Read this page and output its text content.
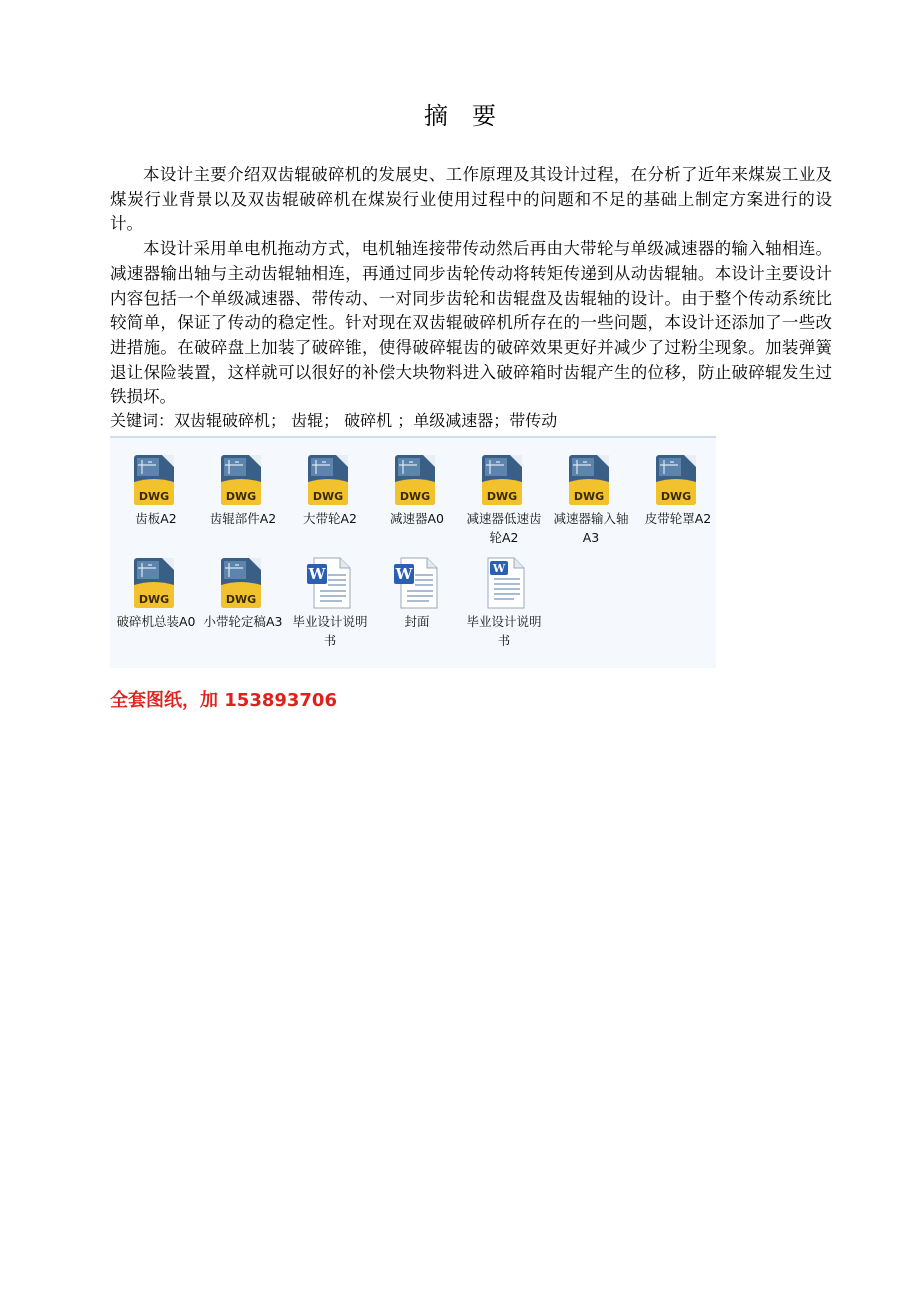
摘要

本设计主要介绍双齿辊破碎机的发展史、工作原理及其设计过程，在分析了近年来煤炭工业及煤炭行业背景以及双齿辊破碎机在煤炭行业使用过程中的问题和不足的基础上制定方案进行的设计。

本设计采用单电机拖动方式，电机轴连接带传动然后再由大带轮与单级减速器的输入轴相连。减速器输出轴与主动齿辊轴相连，再通过同步齿轮传动将转矩传递到从动齿辊轴。本设计主要设计内容包括一个单级减速器、带传动、一对同步齿轮和齿辊盘及齿辊轴的设计。由于整个传动系统比较简单，保证了传动的稳定性。针对现在双齿辊破碎机所存在的一些问题，本设计还添加了一些改进措施。在破碎盘上加装了破碎锥，使得破碎辊齿的破碎效果更好并减少了过粉尘现象。加装弹簧退让保险装置，这样就可以很好的补偿大块物料进入破碎箱时齿辊产生的位移，防止破碎辊发生过铁损坏。

关键词：双齿辊破碎机； 齿辊； 破碎机 ；单级减速器；带传动
DWG
齿板A2
DWG
齿辊部件A2
DWG
大带轮A2
DWG
减速器A0
DWG
减速器低速齿轮A2
DWG
减速器输入轴A3
DWG
皮带轮罩A2
DWG
破碎机总装A0
DWG
小带轮定稿A3
W
毕业设计说明书
W
封面
W
毕业设计说明书
全套图纸，加 153893706
